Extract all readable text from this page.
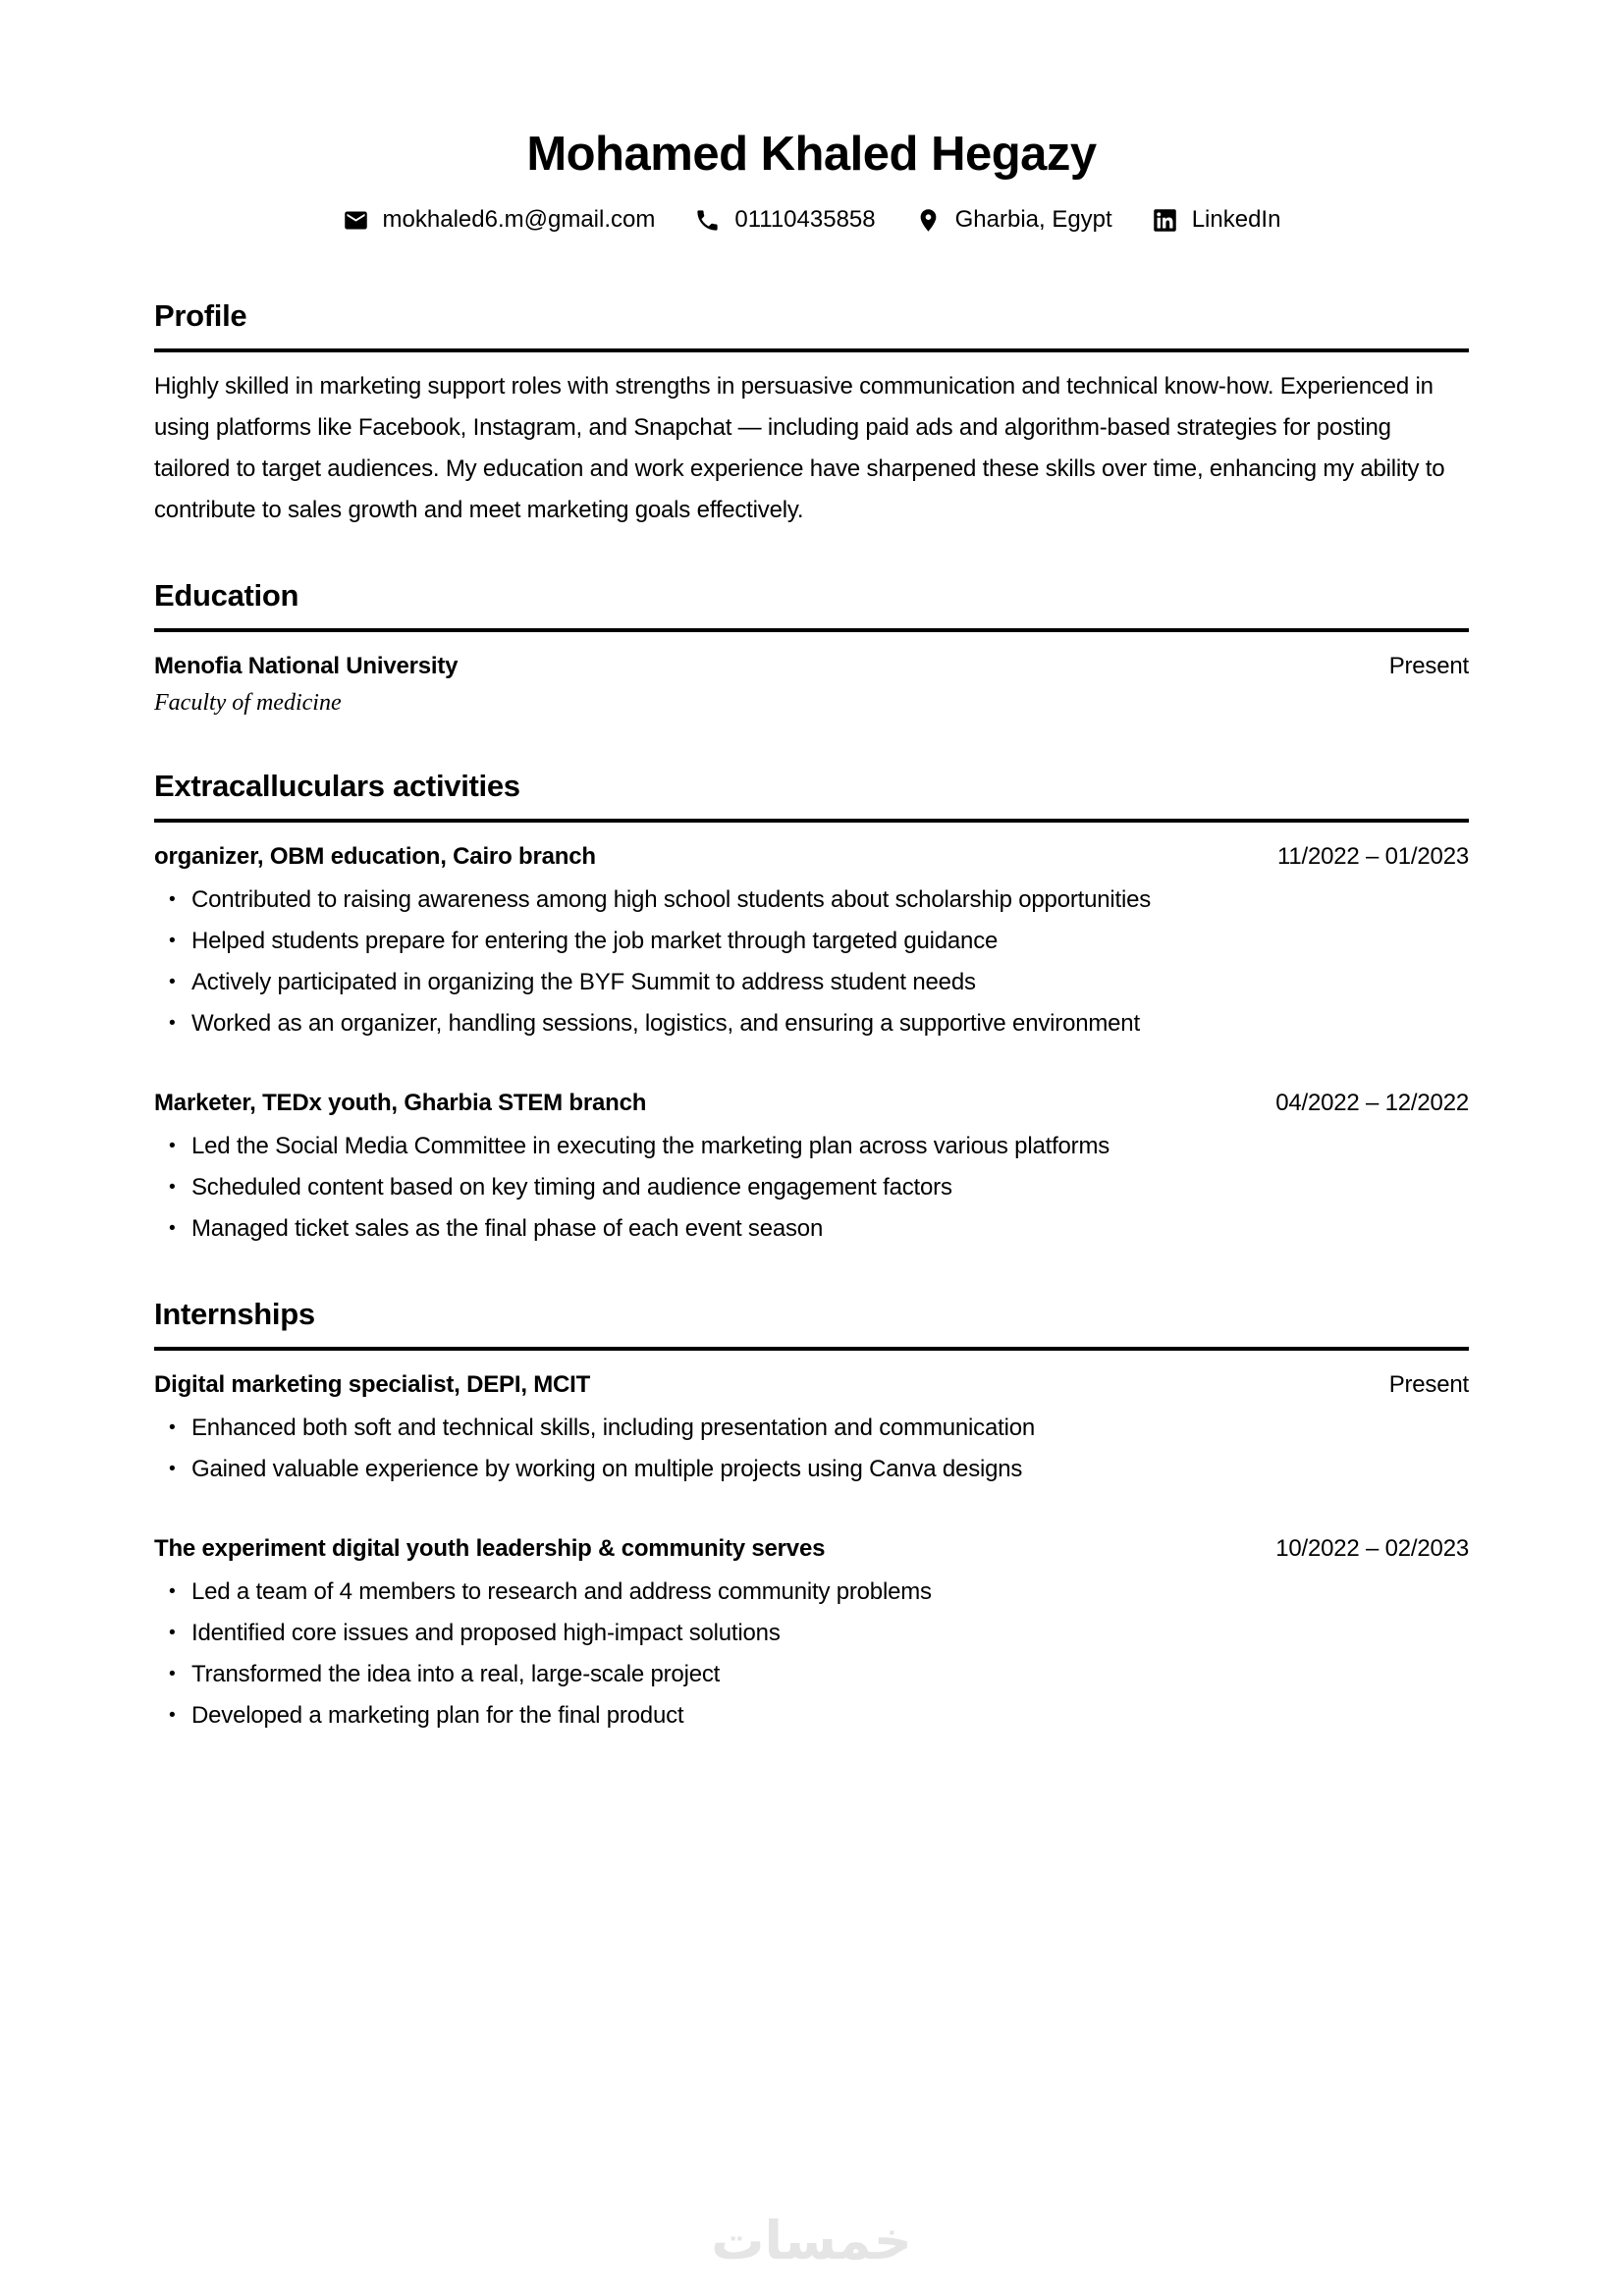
Mohamed Khaled Hegazy
mokhaled6.m@gmail.com	01110435858	Gharbia, Egypt	LinkedIn
Profile

Highly skilled in marketing support roles with strengths in persuasive communication and technical know-how. Experienced in using platforms like Facebook, Instagram, and Snapchat — including paid ads and algorithm-based strategies for posting tailored to target audiences. My education and work experience have sharpened these skills over time, enhancing my ability to contribute to sales growth and meet marketing goals effectively.

Education
Menofia National University	Present
Faculty of medicine
Extracalluculars activities
organizer, OBM education, Cairo branch	11/2022 – 01/2023
• Contributed to raising awareness among high school students about scholarship opportunities
• Helped students prepare for entering the job market through targeted guidance
• Actively participated in organizing the BYF Summit to address student needs
• Worked as an organizer, handling sessions, logistics, and ensuring a supportive environment
Marketer, TEDx youth, Gharbia STEM branch	04/2022 – 12/2022
• Led the Social Media Committee in executing the marketing plan across various platforms
• Scheduled content based on key timing and audience engagement factors
• Managed ticket sales as the final phase of each event season
Internships
Digital marketing specialist, DEPI, MCIT	Present
• Enhanced both soft and technical skills, including presentation and communication
• Gained valuable experience by working on multiple projects using Canva designs
The experiment digital youth leadership & community serves	10/2022 – 02/2023
• Led a team of 4 members to research and address community problems
• Identified core issues and proposed high-impact solutions
• Transformed the idea into a real, large-scale project
• Developed a marketing plan for the final product
خمسات
